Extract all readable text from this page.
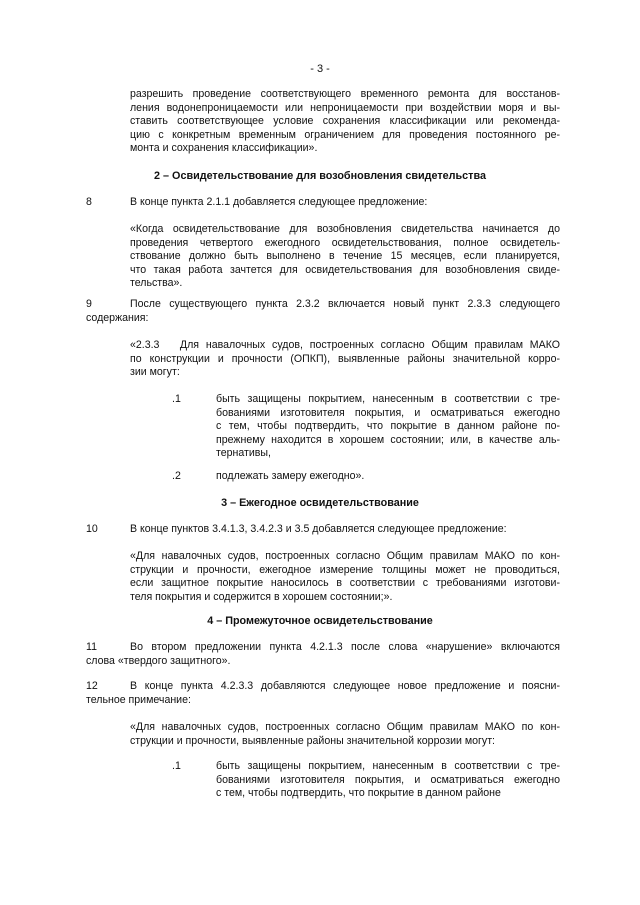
- 3 -
разрешить проведение соответствующего временного ремонта для восстанов-
ления водонепроницаемости или непроницаемости при воздействии моря и вы-
ставить соответствующее условие сохранения классификации или рекоменда-
цию с конкретным временным ограничением для проведения постоянного ре-
монта и сохранения классификации».
2 – Освидетельствование для возобновления свидетельства
8	В конце пункта 2.1.1 добавляется следующее предложение:
«Когда освидетельствование для возобновления свидетельства начинается до
проведения четвертого ежегодного освидетельствования, полное освидетель-
ствование должно быть выполнено в течение 15 месяцев, если планируется,
что такая работа зачтется для освидетельствования для возобновления свиде-
тельства».
9	После существующего пункта 2.3.2 включается новый пункт 2.3.3 следующего
содержания:
«2.3.3   Для навалочных судов, построенных согласно Общим правилам МАКО
по конструкции и прочности (ОПКП), выявленные районы значительной корро-
зии могут:
.1	быть защищены покрытием, нанесенным в соответствии с тре-
бованиями изготовителя покрытия, и осматриваться ежегодно
с тем, чтобы подтвердить, что покрытие в данном районе по-
прежнему находится в хорошем состоянии; или, в качестве аль-
тернативы,
.2	подлежать замеру ежегодно».
3 – Ежегодное освидетельствование
10	В конце пунктов 3.4.1.3, 3.4.2.3 и 3.5 добавляется следующее предложение:
«Для навалочных судов, построенных согласно Общим правилам МАКО по кон-
струкции и прочности, ежегодное измерение толщины может не проводиться,
если защитное покрытие наносилось в соответствии с требованиями изготови-
теля покрытия и содержится в хорошем состоянии;».
4 – Промежуточное освидетельствование
11	Во втором предложении пункта 4.2.1.3 после слова «нарушение» включаются
слова «твердого защитного».
12	В конце пункта 4.2.3.3 добавляются следующее новое предложение и поясни-
тельное примечание:
«Для навалочных судов, построенных согласно Общим правилам МАКО по кон-
струкции и прочности, выявленные районы значительной коррозии могут:
.1	быть защищены покрытием, нанесенным в соответствии с тре-
бованиями изготовителя покрытия, и осматриваться ежегодно
с тем, чтобы подтвердить, что покрытие в данном районе
